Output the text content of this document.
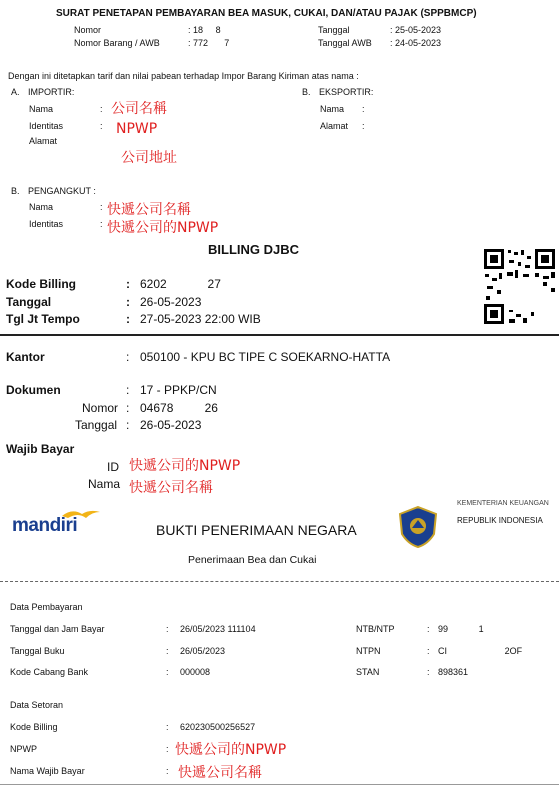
SURAT PENETAPAN PEMBAYARAN BEA MASUK, CUKAI, DAN/ATAU PAJAK (SPPBMCP)
Nomor	: 18       8
Nomor Barang / AWB	: 772         7
Tanggal	: 25-05-2023
Tanggal AWB : 24-05-2023
Dengan ini ditetapkan tarif dan nilai pabean terhadap Impor Barang Kiriman atas nama :
A. IMPORTIR:	B. EKSPORTIR:
Nama	: 公司名稱
Identitas	: NPWP
Alamat
公司地址
Nama :
Alamat :
B. PENGANGKUT :
Nama	: 快遞公司名稱
Identitas	: 快遞公司的NPWP
BILLING DJBC
Kode Billing	: 6202                 27
Tanggal	: 26-05-2023
Tgl Jt Tempo	: 27-05-2023 22:00 WIB
Kantor	: 050100 - KPU BC TIPE C SOEKARNO-HATTA
Dokumen	: 17 - PPKP/CN
Nomor : 04678             26
Tanggal : 26-05-2023
Wajib Bayar
ID 快遞公司的NPWP
Nama 快遞公司名稱
mandiri	BUKTI PENERIMAAN NEGARA
Penerimaan Bea dan Cukai
KEMENTERIAN KEUANGAN
REPUBLIK INDONESIA
Data Pembayaran
Tanggal dan Jam Bayar	: 26/05/2023 111104	NTB/NTP	: 99                 1
Tanggal Buku	: 26/05/2023	NTPN	: CI                                2OF
Kode Cabang Bank	: 000008	STAN	: 898361
Data Setoran
Kode Billing	: 620230500256527
NPWP	: 快遞公司的NPWP
Nama Wajib Bayar	: 快遞公司名稱
